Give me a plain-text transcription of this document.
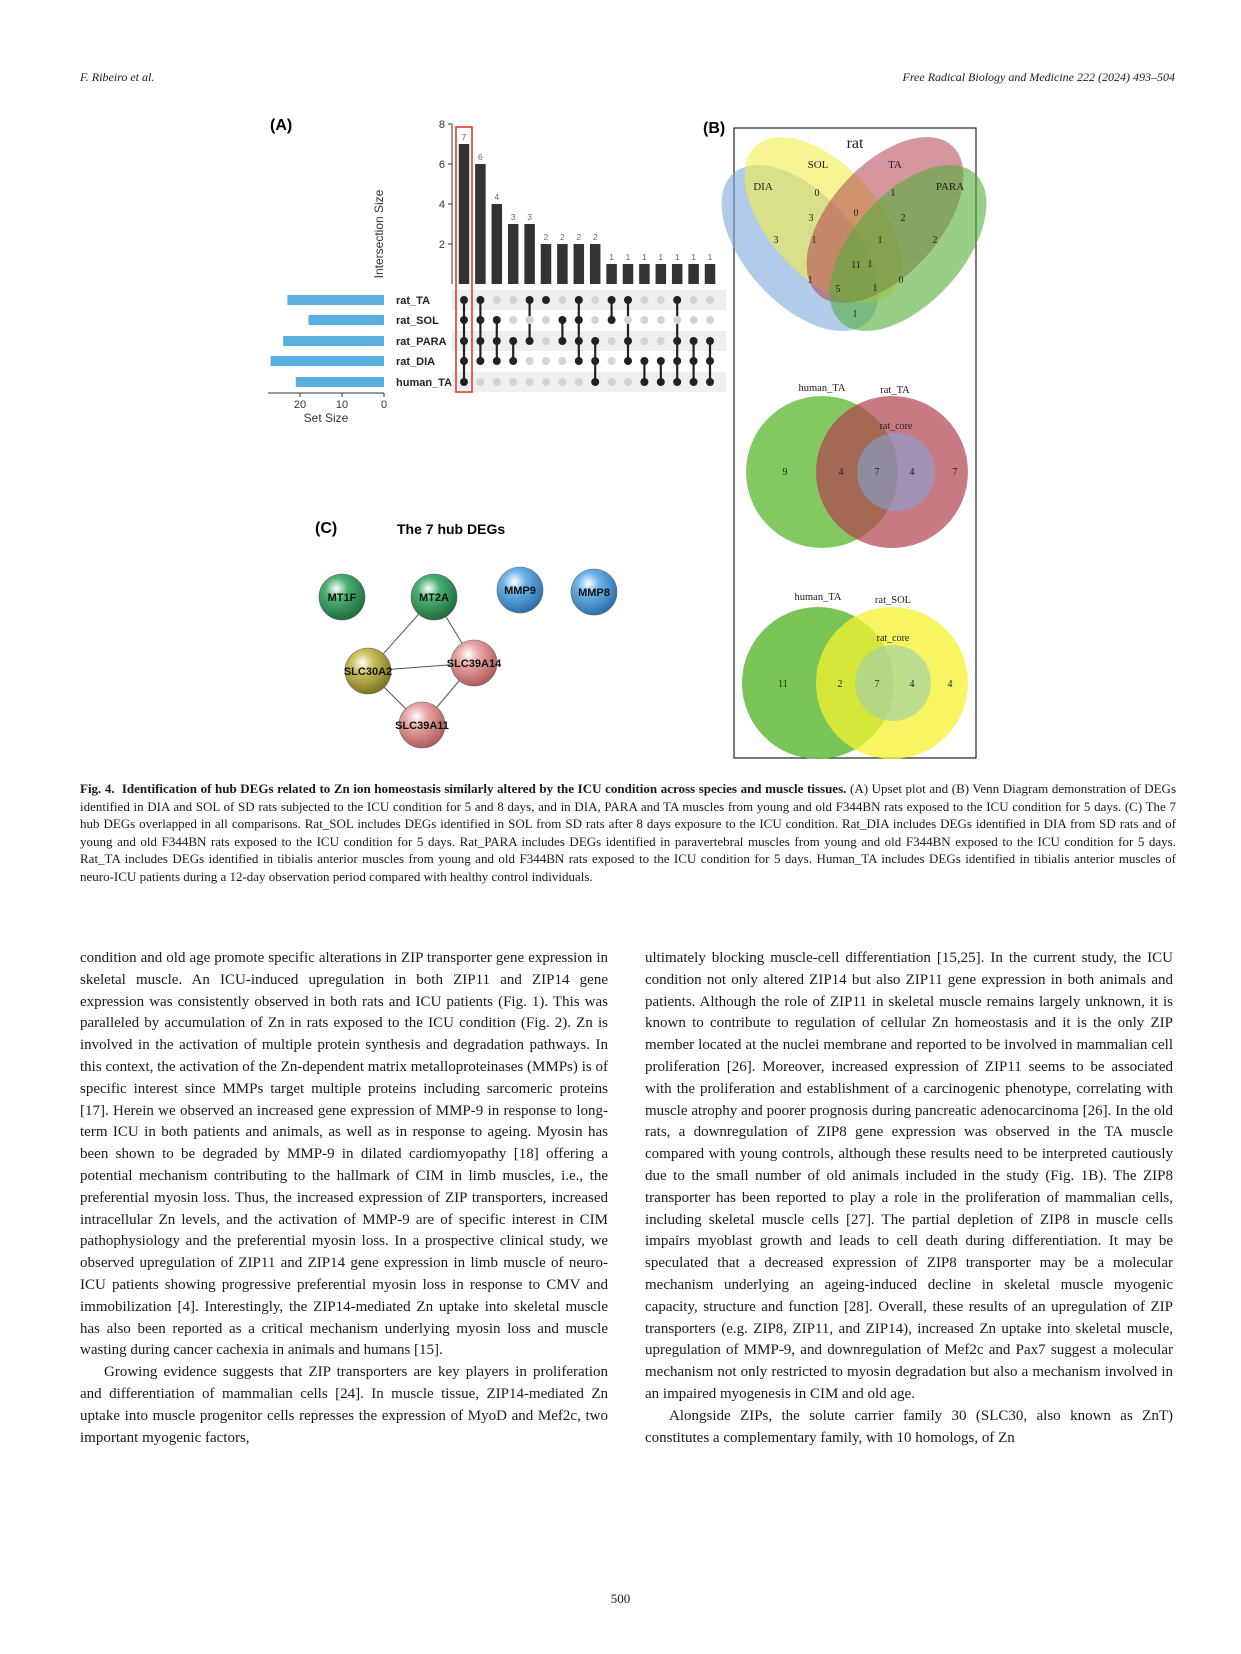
F. Ribeiro et al.	Free Radical Biology and Medicine 222 (2024) 493–504
(A)
2
4
6
8
Intersection Size
7
6
4
3 3
2 2 2 2
1 1 1 1 1 1 1
rat_TA
rat_SOL
rat_PARA
rat_DIA
human_TA
20	10	0
Set Size
(B)
rat
DIA
SOL	TA
PARA
3
0	1
2
3	0	2
1	1
11
1
1
5
1
0
1
human_TA	rat_TA
rat_core
9	4	7	4	7
human_TA	rat_SOL
rat_core
11	2	7	4	4
(C)	The 7 hub DEGs
MT1F	MT2A
MMP9	MMP8
SLC30A2
SLC39A14
SLC39A11
Fig. 4. Identification of hub DEGs related to Zn ion homeostasis similarly altered by the ICU condition across species and muscle tissues. (A) Upset plot and (B) Venn Diagram demonstration of DEGs identified in DIA and SOL of SD rats subjected to the ICU condition for 5 and 8 days, and in DIA, PARA and TA muscles from young and old F344BN rats exposed to the ICU condition for 5 days. (C) The 7 hub DEGs overlapped in all comparisons. Rat_SOL includes DEGs identified in SOL from SD rats after 8 days exposure to the ICU condition. Rat_DIA includes DEGs identified in DIA from SD rats and of young and old F344BN rats exposed to the ICU condition for 5 days. Rat_PARA includes DEGs identified in paravertebral muscles from young and old F344BN exposed to the ICU condition for 5 days. Rat_TA includes DEGs identified in tibialis anterior muscles from young and old F344BN rats exposed to the ICU condition for 5 days. Human_TA includes DEGs identified in tibialis anterior muscles of neuro-ICU patients during a 12-day observation period compared with healthy control individuals.

condition and old age promote specific alterations in ZIP transporter gene expression in skeletal muscle. An ICU-induced upregulation in both ZIP11 and ZIP14 gene expression was consistently observed in both rats and ICU patients (Fig. 1). This was paralleled by accumulation of Zn in rats exposed to the ICU condition (Fig. 2). Zn is involved in the activation of multiple protein synthesis and degradation pathways. In this context, the activation of the Zn-dependent matrix metalloproteinases (MMPs) is of specific interest since MMPs target multiple proteins including sarcomeric proteins [17]. Herein we observed an increased gene expression of MMP-9 in response to long-term ICU in both patients and animals, as well as in response to ageing. Myosin has been shown to be degraded by MMP-9 in dilated cardiomyopathy [18] offering a potential mechanism contributing to the hallmark of CIM in limb muscles, i.e., the preferential myosin loss. Thus, the increased expression of ZIP transporters, increased intracellular Zn levels, and the activation of MMP-9 are of specific interest in CIM pathophysiology and the preferential myosin loss. In a prospective clinical study, we observed upregulation of ZIP11 and ZIP14 gene expression in limb muscle of neuro-ICU patients showing progressive preferential myosin loss in response to CMV and immobilization [4]. Interestingly, the ZIP14-mediated Zn uptake into skeletal muscle has also been reported as a critical mechanism underlying myosin loss and muscle wasting during cancer cachexia in animals and humans [15].

Growing evidence suggests that ZIP transporters are key players in proliferation and differentiation of mammalian cells [24]. In muscle tissue, ZIP14-mediated Zn uptake into muscle progenitor cells represses the expression of MyoD and Mef2c, two important myogenic factors,

ultimately blocking muscle-cell differentiation [15,25]. In the current study, the ICU condition not only altered ZIP14 but also ZIP11 gene expression in both animals and patients. Although the role of ZIP11 in skeletal muscle remains largely unknown, it is known to contribute to regulation of cellular Zn homeostasis and it is the only ZIP member located at the nuclei membrane and reported to be involved in mammalian cell proliferation [26]. Moreover, increased expression of ZIP11 seems to be associated with the proliferation and establishment of a carcinogenic phenotype, correlating with muscle atrophy and poorer prognosis during pancreatic adenocarcinoma [26]. In the old rats, a downregulation of ZIP8 gene expression was observed in the TA muscle compared with young controls, although these results need to be interpreted cautiously due to the small number of old animals included in the study (Fig. 1B). The ZIP8 transporter has been reported to play a role in the proliferation of mammalian cells, including skeletal muscle cells [27]. The partial depletion of ZIP8 in muscle cells impairs myoblast growth and leads to cell death during differentiation. It may be speculated that a decreased expression of ZIP8 transporter may be a molecular mechanism underlying an ageing-induced decline in skeletal muscle myogenic capacity, structure and function [28]. Overall, these results of an upregulation of ZIP transporters (e.g. ZIP8, ZIP11, and ZIP14), increased Zn uptake into skeletal muscle, upregulation of MMP-9, and downregulation of Mef2c and Pax7 suggest a molecular mechanism not only restricted to myosin degradation but also a mechanism involved in an impaired myogenesis in CIM and old age.

Alongside ZIPs, the solute carrier family 30 (SLC30, also known as ZnT) constitutes a complementary family, with 10 homologs, of Zn

500
